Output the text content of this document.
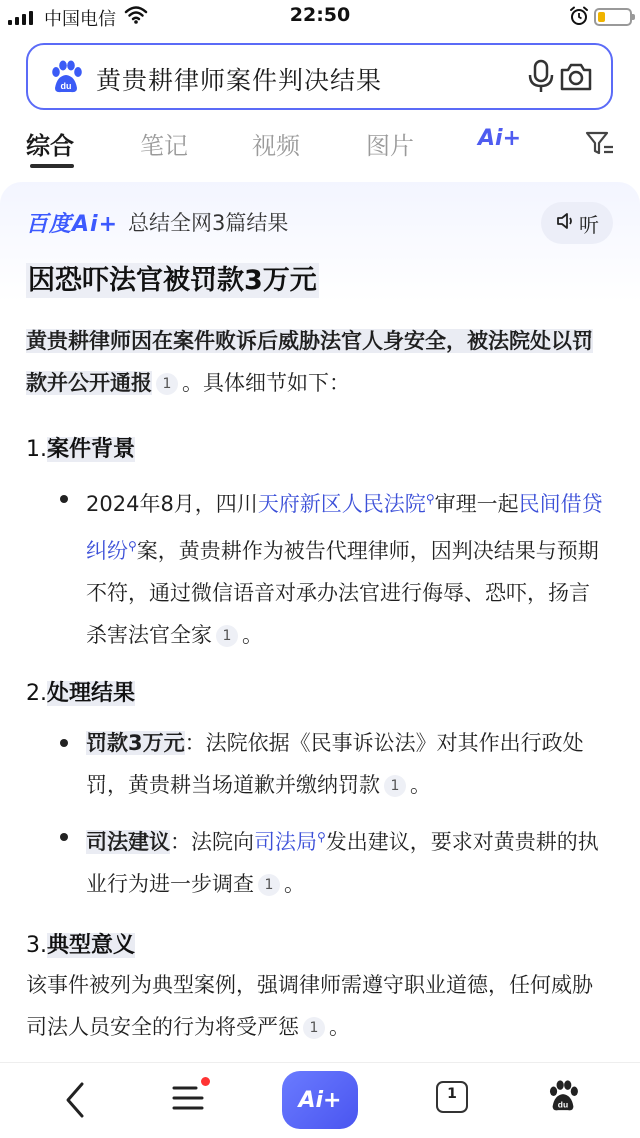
中国电信	22:50
du 黄贵耕律师案件判决结果
综合	笔记	视频	图片	Ai+
百度Ai+ 总结全网3篇结果	听
因恐吓法官被罚款3万元
黄贵耕律师因在案件败诉后威胁法官人身安全，被法院处以罚款并公开通报 1 。具体细节如下：
1.案件背景
2024年8月，四川天府新区人民法院⚲审理一起民间借贷纠纷⚲案，黄贵耕作为被告代理律师，因判决结果与预期不符，通过微信语音对承办法官进行侮辱、恐吓，扬言杀害法官全家 1 。
2.处理结果
罚款3万元：法院依据《民事诉讼法》对其作出行政处罚，黄贵耕当场道歉并缴纳罚款 1 。
司法建议：法院向司法局⚲发出建议，要求对黄贵耕的执业行为进一步调查 1 。
3.典型意义
该事件被列为典型案例，强调律师需遵守职业道德，任何威胁司法人员安全的行为将受严惩 1 。
Ai+	1
du
